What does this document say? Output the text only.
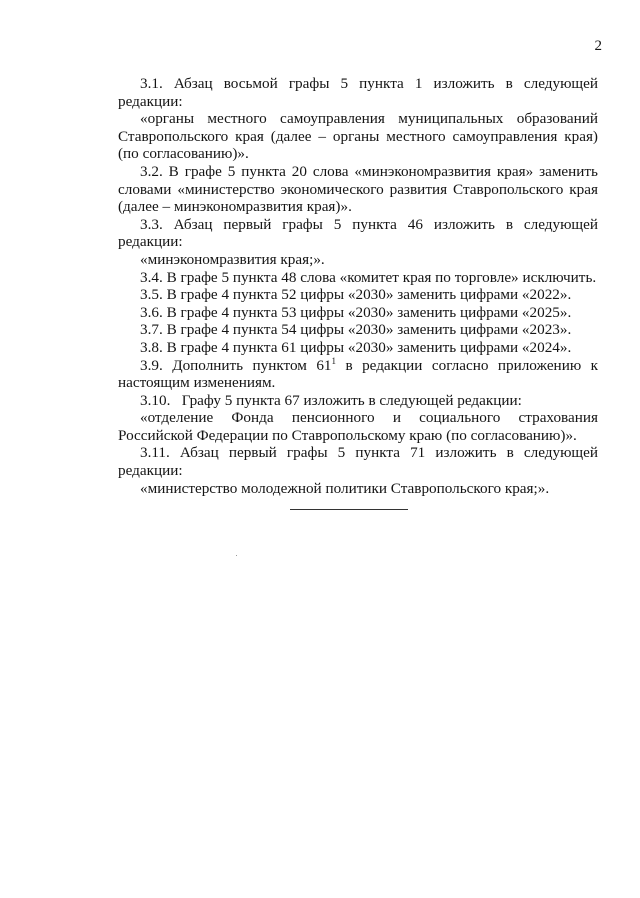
2

3.1. Абзац восьмой графы 5 пункта 1 изложить в следующей редакции:

«органы местного самоуправления муниципальных образований Ставропольского края (далее – органы местного самоуправления края) (по согласованию)».

3.2. В графе 5 пункта 20 слова «минэкономразвития края» заменить словами «министерство экономического развития Ставропольского края (далее – минэкономразвития края)».

3.3. Абзац первый графы 5 пункта 46 изложить в следующей редакции:

«минэкономразвития края;».

3.4. В графе 5 пункта 48 слова «комитет края по торговле» исключить.

3.5. В графе 4 пункта 52 цифры «2030» заменить цифрами «2022».

3.6. В графе 4 пункта 53 цифры «2030» заменить цифрами «2025».

3.7. В графе 4 пункта 54 цифры «2030» заменить цифрами «2023».

3.8. В графе 4 пункта 61 цифры «2030» заменить цифрами «2024».

3.9. Дополнить пунктом $61^1$ в редакции согласно приложению к настоящим изменениям.

3.10.   Графу 5 пункта 67 изложить в следующей редакции:

«отделение Фонда пенсионного и социального страхования Российской Федерации по Ставропольскому краю (по согласованию)».

3.11. Абзац первый графы 5 пункта 71 изложить в следующей редакции:

«министерство молодежной политики Ставропольского края;».
